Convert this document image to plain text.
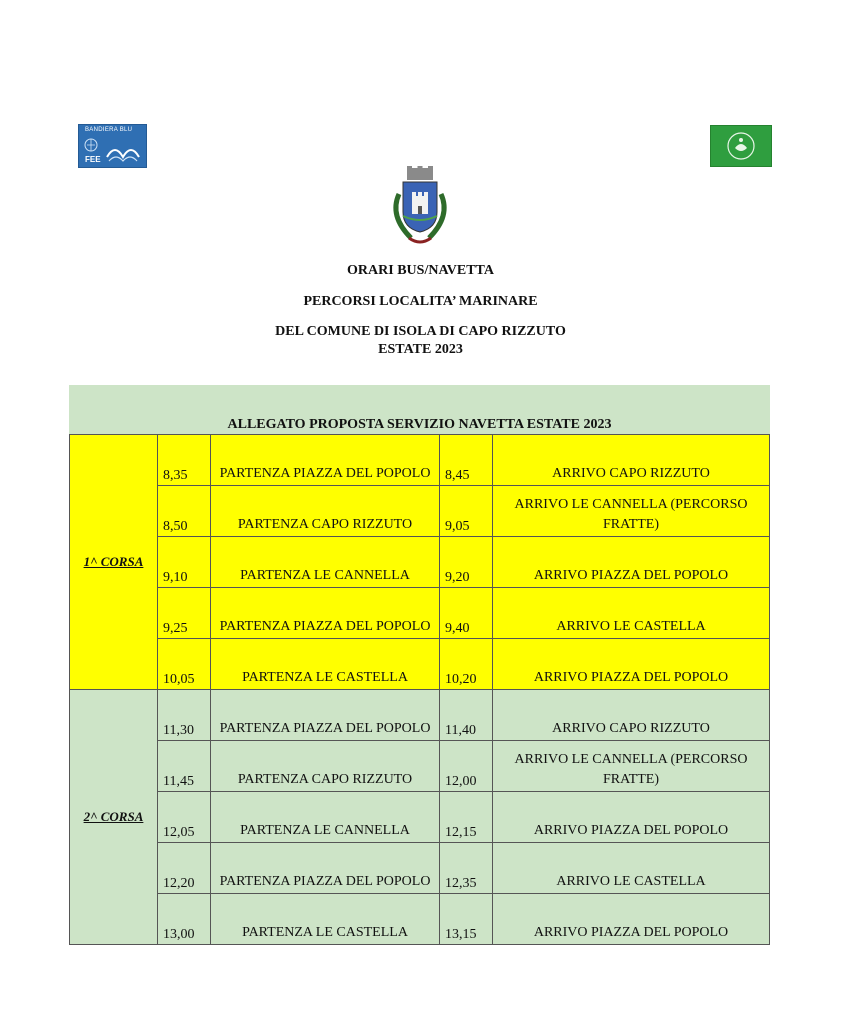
BANDIERA BLU
FEE
ORARI BUS/NAVETTA
PERCORSI LOCALITA’ MARINARE
DEL COMUNE DI ISOLA DI CAPO RIZZUTO
ESTATE 2023
ALLEGATO PROPOSTA SERVIZIO NAVETTA ESTATE 2023
1^ CORSA	8,35	PARTENZA PIAZZA DEL POPOLO	8,45	ARRIVO CAPO RIZZUTO
	8,50	PARTENZA CAPO RIZZUTO	9,05	ARRIVO LE CANNELLA (PERCORSO FRATTE)
	9,10	PARTENZA LE CANNELLA	9,20	ARRIVO PIAZZA DEL POPOLO
	9,25	PARTENZA PIAZZA DEL POPOLO	9,40	ARRIVO LE CASTELLA
	10,05	PARTENZA LE CASTELLA	10,20	ARRIVO PIAZZA DEL POPOLO
2^ CORSA	11,30	PARTENZA PIAZZA DEL POPOLO	11,40	ARRIVO CAPO RIZZUTO
	11,45	PARTENZA CAPO RIZZUTO	12,00	ARRIVO LE CANNELLA (PERCORSO FRATTE)
	12,05	PARTENZA LE CANNELLA	12,15	ARRIVO PIAZZA DEL POPOLO
	12,20	PARTENZA PIAZZA DEL POPOLO	12,35	ARRIVO LE CASTELLA
	13,00	PARTENZA LE CASTELLA	13,15	ARRIVO PIAZZA DEL POPOLO
